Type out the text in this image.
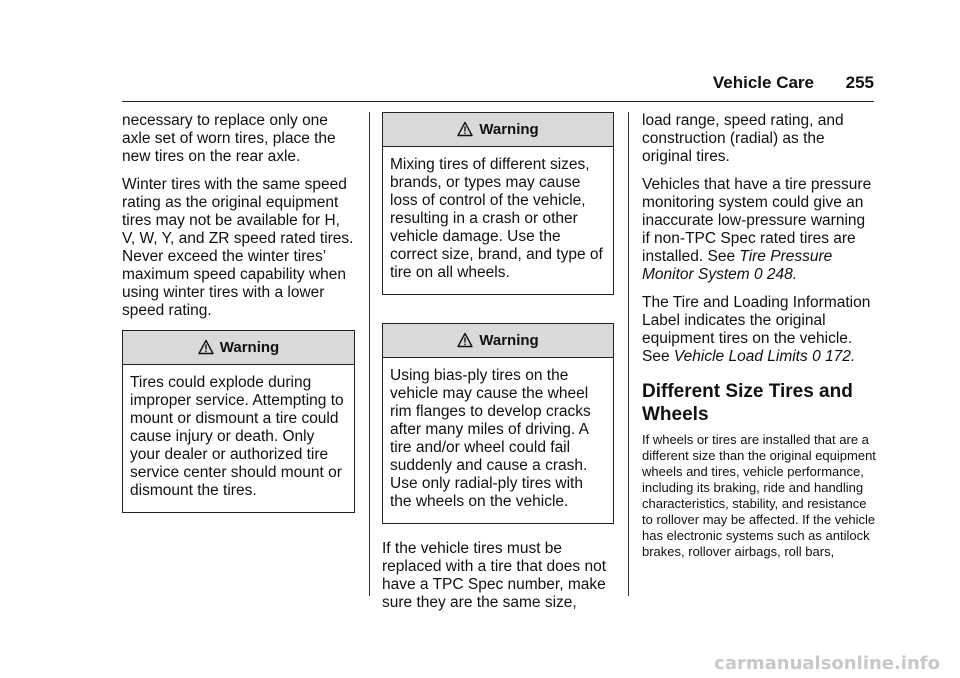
Vehicle Care 255

necessary to replace only one axle set of worn tires, place the new tires on the rear axle.

Winter tires with the same speed rating as the original equipment tires may not be available for H, V, W, Y, and ZR speed rated tires. Never exceed the winter tires’ maximum speed capability when using winter tires with a lower speed rating.

Warning

Tires could explode during improper service. Attempting to mount or dismount a tire could cause injury or death. Only your dealer or authorized tire service center should mount or dismount the tires.

Warning

Mixing tires of different sizes, brands, or types may cause loss of control of the vehicle, resulting in a crash or other vehicle damage. Use the correct size, brand, and type of tire on all wheels.

Warning

Using bias-ply tires on the vehicle may cause the wheel rim flanges to develop cracks after many miles of driving. A tire and/or wheel could fail suddenly and cause a crash. Use only radial-ply tires with the wheels on the vehicle.

If the vehicle tires must be replaced with a tire that does not have a TPC Spec number, make sure they are the same size,

load range, speed rating, and construction (radial) as the original tires.

Vehicles that have a tire pressure monitoring system could give an inaccurate low-pressure warning if non-TPC Spec rated tires are installed. See Tire Pressure Monitor System 0 248.

The Tire and Loading Information Label indicates the original equipment tires on the vehicle. See Vehicle Load Limits 0 172.

Different Size Tires and Wheels

If wheels or tires are installed that are a different size than the original equipment wheels and tires, vehicle performance, including its braking, ride and handling characteristics, stability, and resistance to rollover may be affected. If the vehicle has electronic systems such as antilock brakes, rollover airbags, roll bars,

carmanualsonline.info
